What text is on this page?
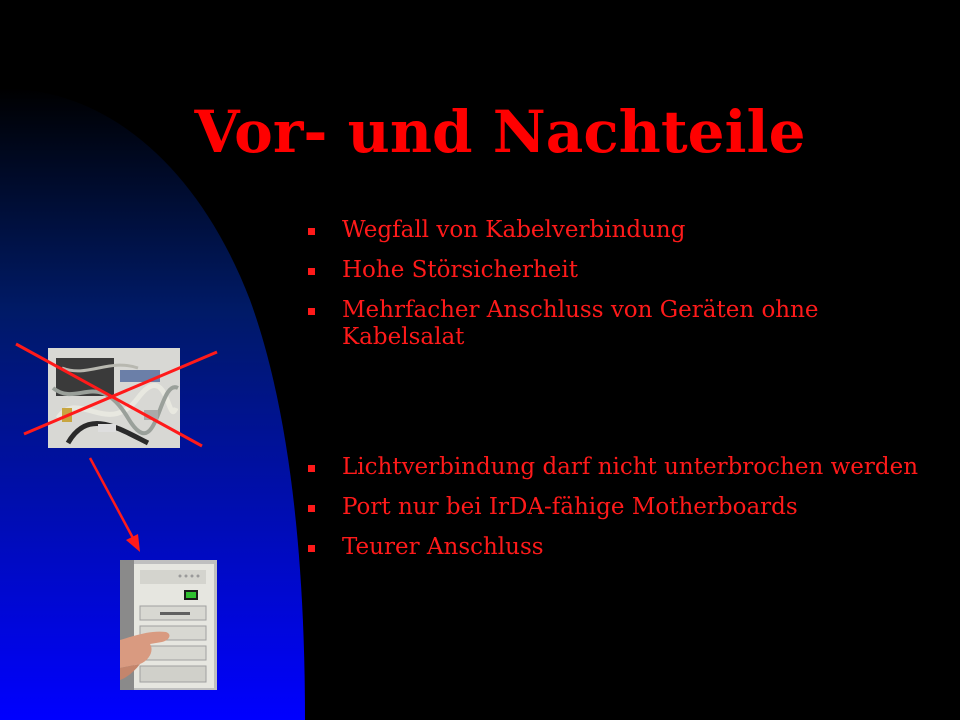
Vor- und Nachteile
Wegfall von Kabelverbindung
Hohe Störsicherheit
Mehrfacher Anschluss von Geräten ohne Kabelsalat
Lichtverbindung darf nicht unterbrochen werden
Port nur bei IrDA-fähige Motherboards
Teurer Anschluss
